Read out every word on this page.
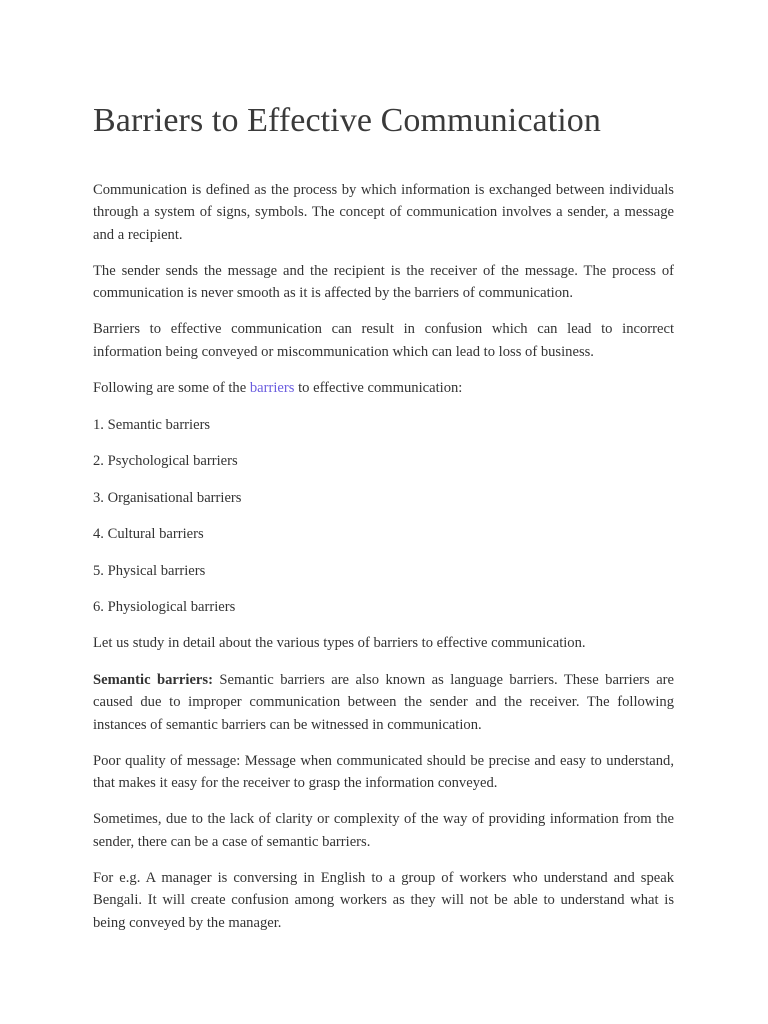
Barriers to Effective Communication

Communication is defined as the process by which information is exchanged between individuals through a system of signs, symbols. The concept of communication involves a sender, a message and a recipient.

The sender sends the message and the recipient is the receiver of the message. The process of communication is never smooth as it is affected by the barriers of communication.

Barriers to effective communication can result in confusion which can lead to incorrect information being conveyed or miscommunication which can lead to loss of business.

Following are some of the barriers to effective communication:

1. Semantic barriers

2. Psychological barriers

3. Organisational barriers

4. Cultural barriers

5. Physical barriers

6. Physiological barriers

Let us study in detail about the various types of barriers to effective communication.

Semantic barriers: Semantic barriers are also known as language barriers. These barriers are caused due to improper communication between the sender and the receiver. The following instances of semantic barriers can be witnessed in communication.

Poor quality of message: Message when communicated should be precise and easy to understand, that makes it easy for the receiver to grasp the information conveyed.

Sometimes, due to the lack of clarity or complexity of the way of providing information from the sender, there can be a case of semantic barriers.

For e.g. A manager is conversing in English to a group of workers who understand and speak Bengali. It will create confusion among workers as they will not be able to understand what is being conveyed by the manager.
